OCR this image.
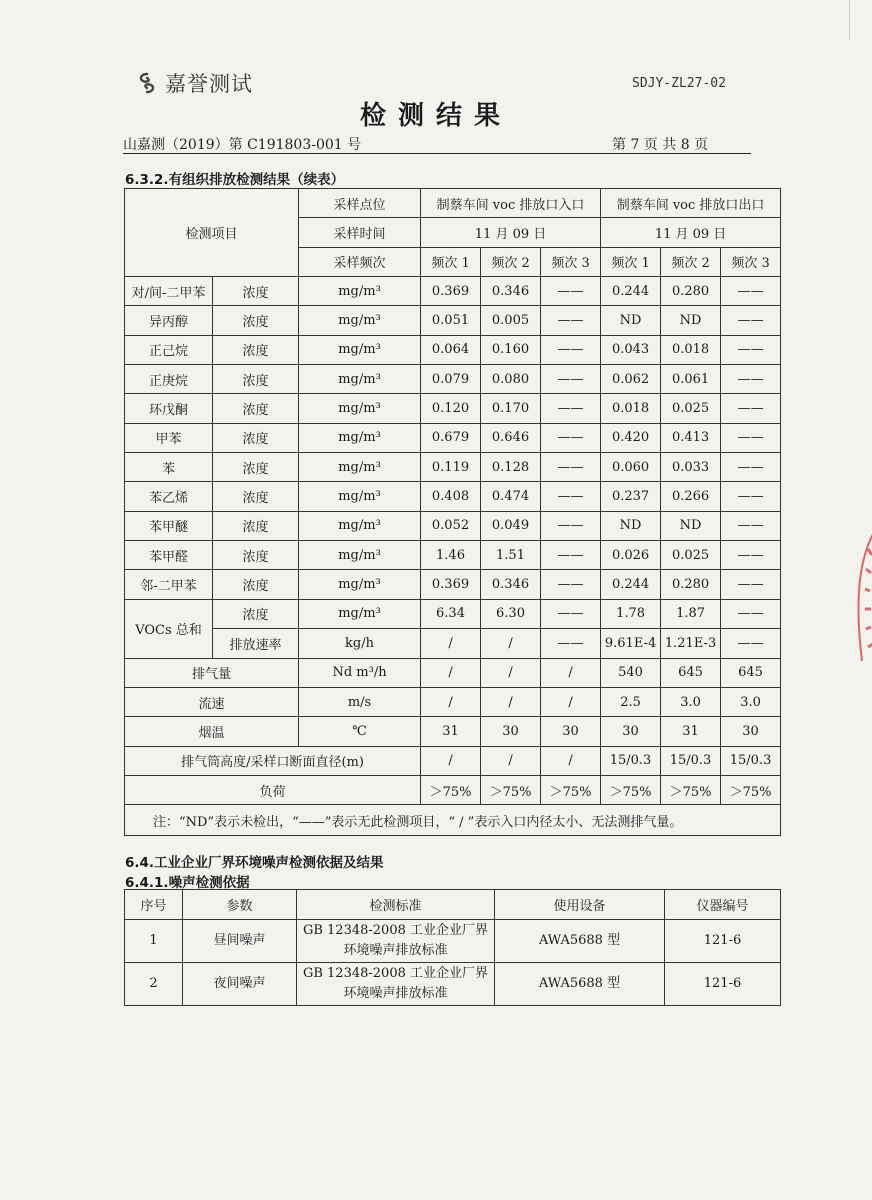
嘉誉测试	SDJY-ZL27-02
检测结果
山嘉测（2019）第 C191803-001 号	第 7 页 共 8 页
6.3.2.有组织排放检测结果（续表）
检测项目		采样点位	制蔡车间 voc 排放口入口			制蔡车间 voc 排放口出口		
		采样时间	11 月 09 日			11 月 09 日		
		采样频次	频次 1	频次 2	频次 3	频次 1	频次 2	频次 3
对/间-二甲苯	浓度	mg/m³	0.369	0.346	——	0.244	0.280	——
异丙醇	浓度	mg/m³	0.051	0.005	——	ND	ND	——
正己烷	浓度	mg/m³	0.064	0.160	——	0.043	0.018	——
正庚烷	浓度	mg/m³	0.079	0.080	——	0.062	0.061	——
环戊酮	浓度	mg/m³	0.120	0.170	——	0.018	0.025	——
甲苯	浓度	mg/m³	0.679	0.646	——	0.420	0.413	——
苯	浓度	mg/m³	0.119	0.128	——	0.060	0.033	——
苯乙烯	浓度	mg/m³	0.408	0.474	——	0.237	0.266	——
苯甲醚	浓度	mg/m³	0.052	0.049	——	ND	ND	——
苯甲醛	浓度	mg/m³	1.46	1.51	——	0.026	0.025	——
邻-二甲苯	浓度	mg/m³	0.369	0.346	——	0.244	0.280	——
VOCs 总和	浓度	mg/m³	6.34	6.30	——	1.78	1.87	——
	排放速率	kg/h	/	/	——	9.61E-4	1.21E-3	——
排气量		Nd m³/h	/	/	/	540	645	645
流速		m/s	/	/	/	2.5	3.0	3.0
烟温		℃	31	30	30	30	31	30
排气筒高度/采样口断面直径(m)			/	/	/	15/0.3	15/0.3	15/0.3
负荷			＞75%	＞75%	＞75%	＞75%	＞75%	＞75%
注：“ND”表示未检出，“——”表示无此检测项目，“ / ”表示入口内径太小、无法测排气量。								
6.4.工业企业厂界环境噪声检测依据及结果
6.4.1.噪声检测依据
序号	参数	检测标准	使用设备	仪器编号
1	昼间噪声	GB 12348-2008 工业企业厂界环境噪声排放标准	AWA5688 型	121-6
2	夜间噪声	GB 12348-2008 工业企业厂界环境噪声排放标准	AWA5688 型	121-6
